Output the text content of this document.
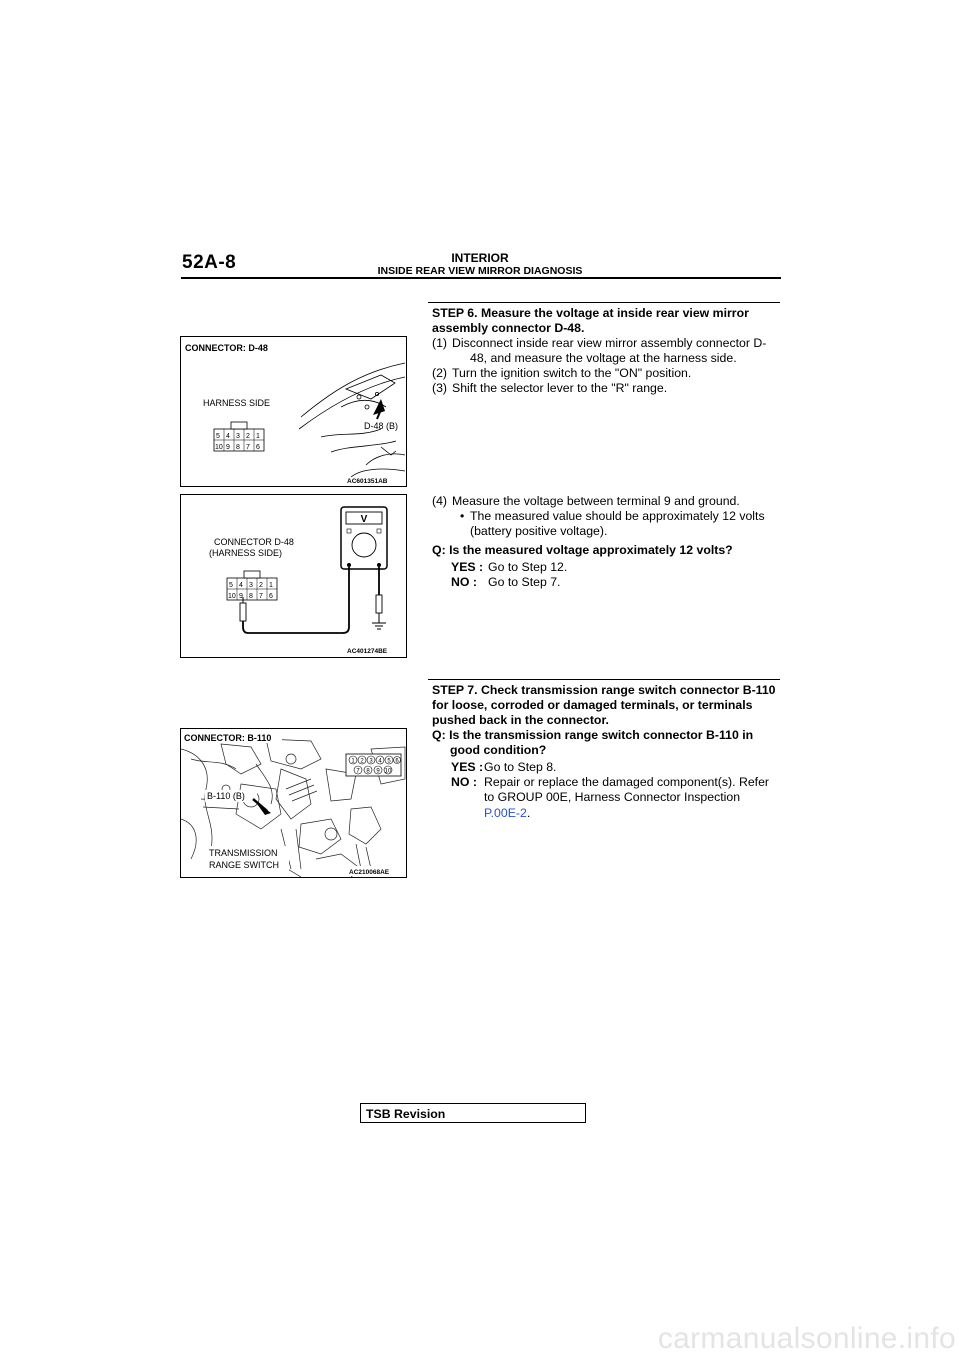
52A-8	INTERIOR
INSIDE REAR VIEW MIRROR DIAGNOSIS
STEP 6. Measure the voltage at inside rear view mirror
assembly connector D-48.
(1) Disconnect inside rear view mirror assembly connector D-
48, and measure the voltage at the harness side.
(2) Turn the ignition switch to the "ON" position.
(3) Shift the selector lever to the "R" range.
(4) Measure the voltage between terminal 9 and ground.
• The measured value should be approximately 12 volts
(battery positive voltage).
Q: Is the measured voltage approximately 12 volts?
YES : Go to Step 12.
NO : Go to Step 7.
STEP 7. Check transmission range switch connector B-110
for loose, corroded or damaged terminals, or terminals
pushed back in the connector.
Q: Is the transmission range switch connector B-110 in
good condition?
YES : Go to Step 8.
NO : Repair or replace the damaged component(s). Refer
to GROUP 00E, Harness Connector Inspection
P.00E-2.
CONNECTOR: D-48
HARNESS SIDE
5 4 3 2 1
10 9 8 7 6
D-48 (B)
AC601351AB
CONNECTOR D-48
(HARNESS SIDE)
5 4 3 2 1
10 9 8 7 6
V
AC401274BE
1 2 3 4 5 6
7 8 9 10
CONNECTOR: B-110
B-110 (B)
TRANSMISSION
RANGE SWITCH
AC210068AE
TSB Revision
carmanualsonline.info
